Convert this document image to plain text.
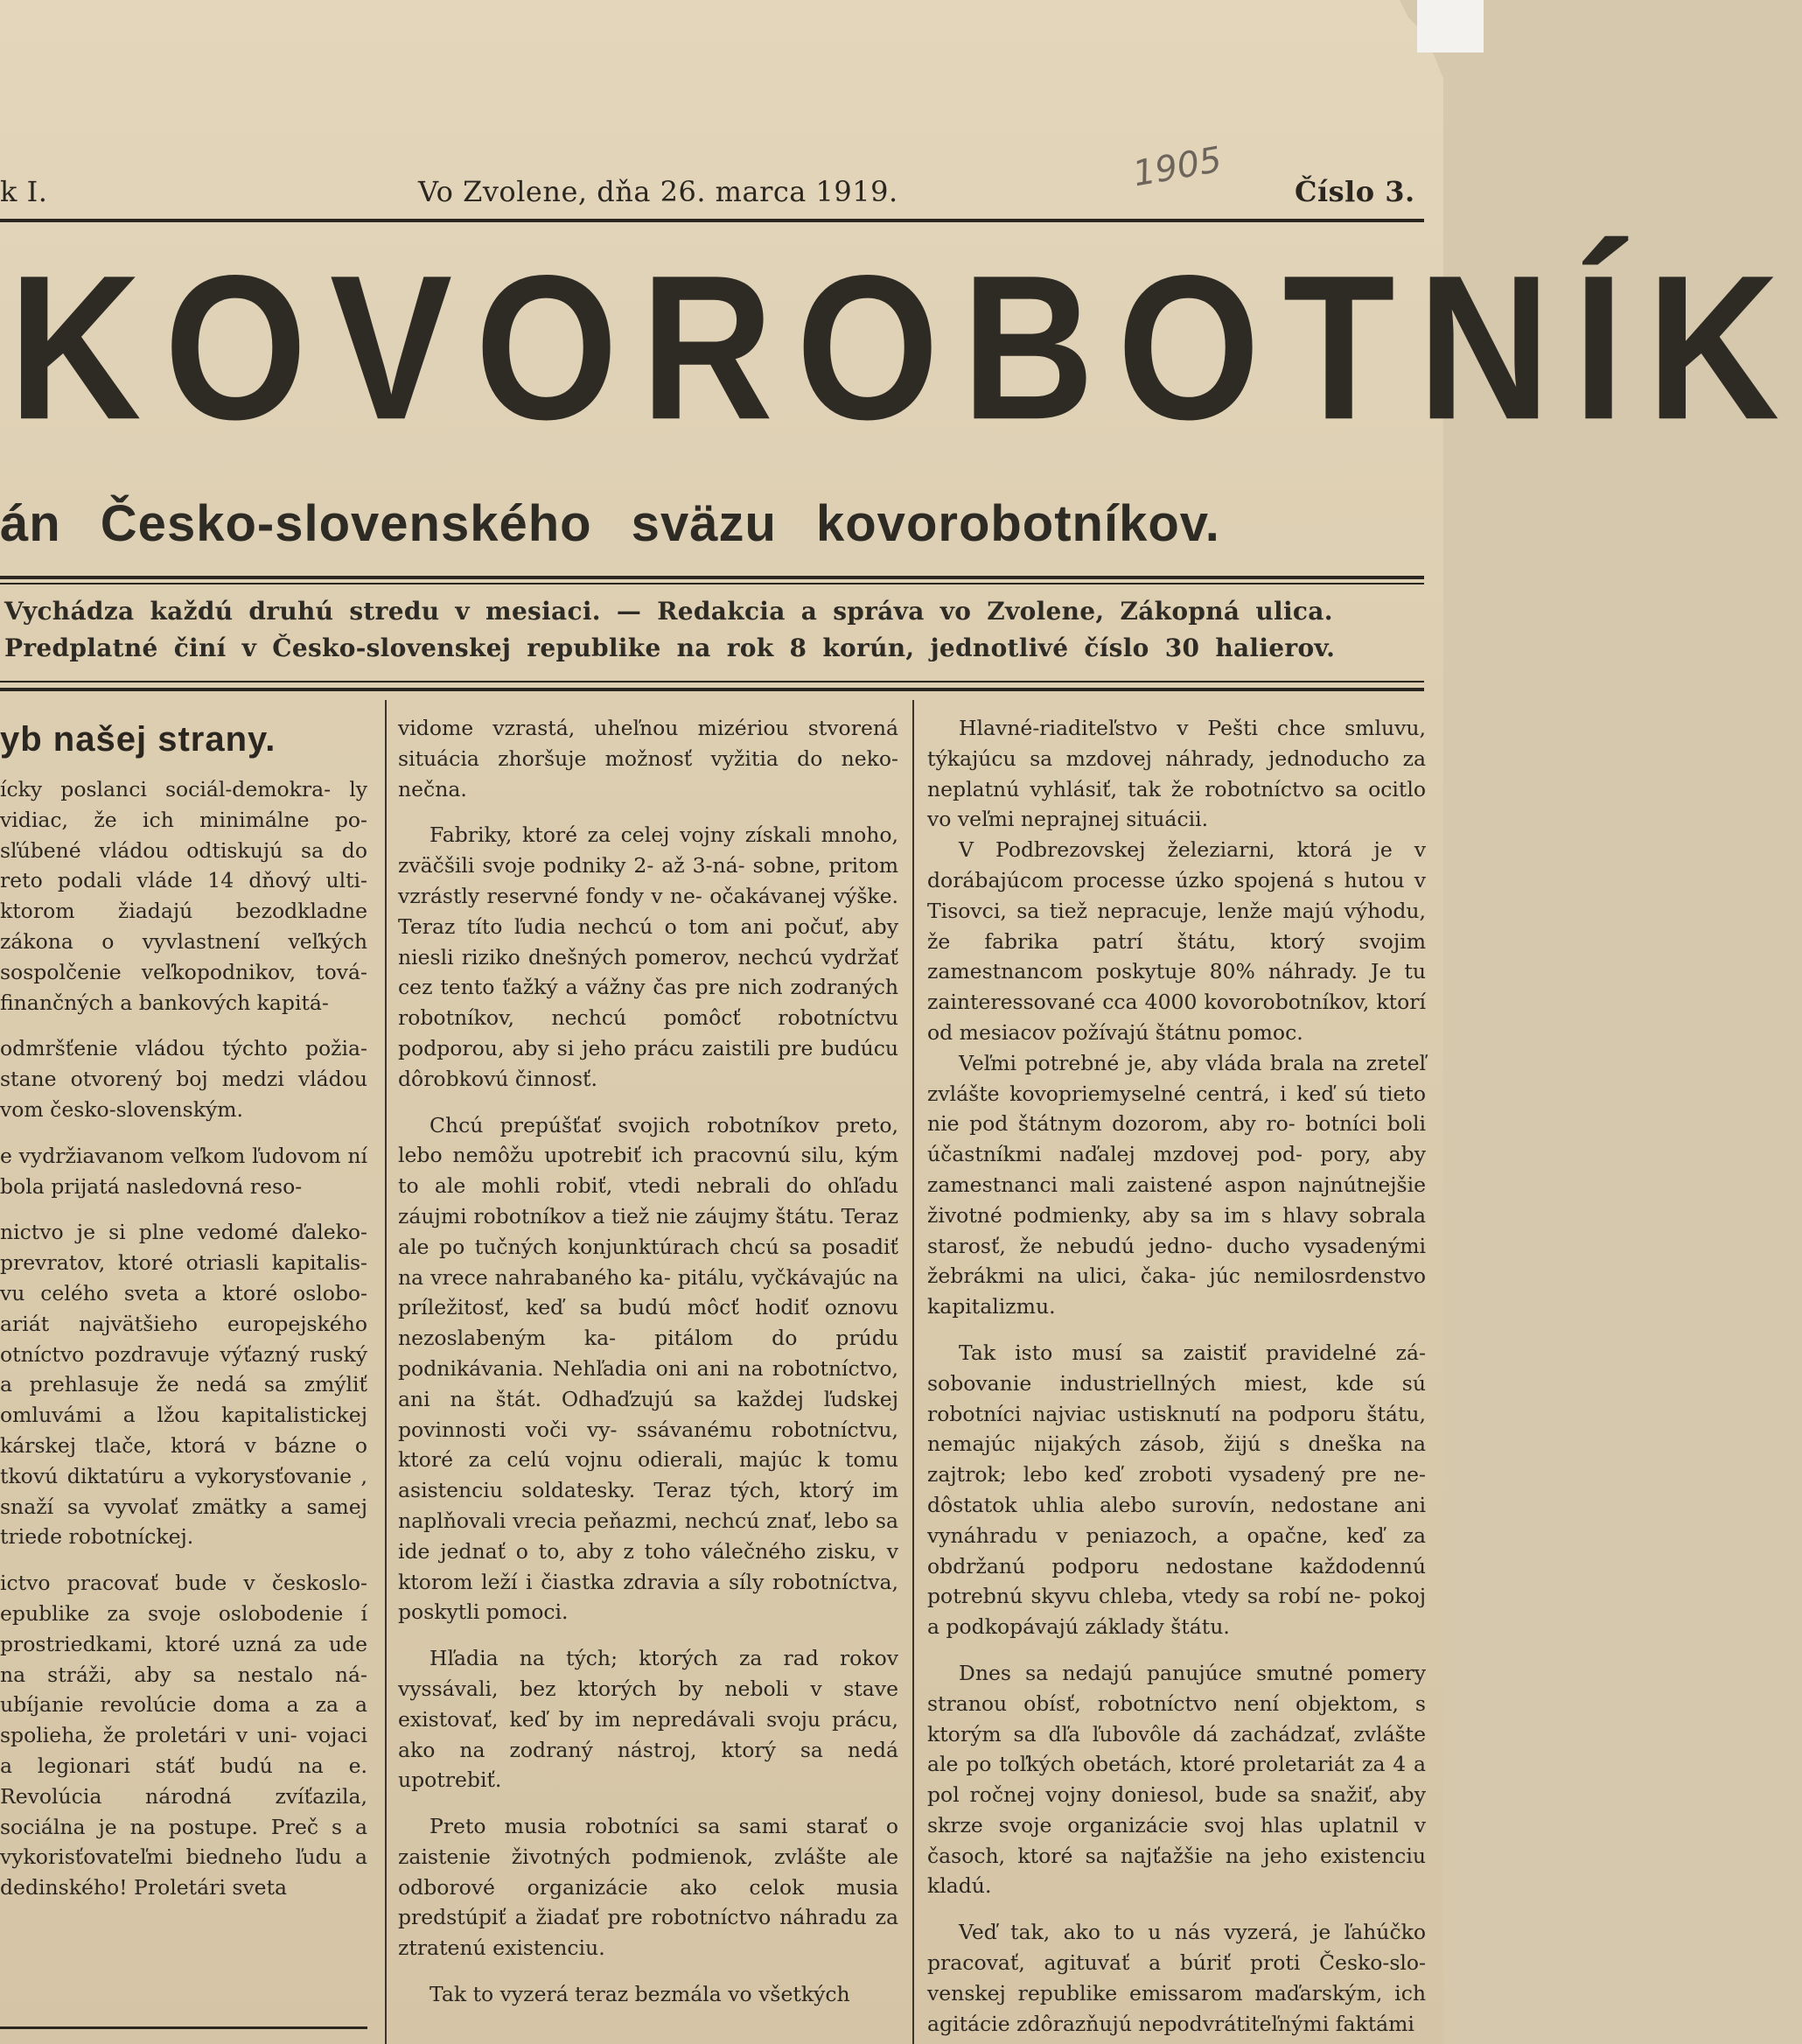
k I.	Vo Zvolene, dňa 26. marca 1919.	Číslo 3.
1905
KOVOROBOTNÍK
án Česko-slovenského sväzu kovorobotníkov.
Vychádza každú druhú stredu v mesiaci. — Redakcia a správa vo Zvolene, Zákopná ulica.
Predplatné činí v Česko-slovenskej republike na rok 8 korún, jednotlivé číslo 30 halierov.
yb našej strany.

ícky poslanci sociál-demokra- ly vidiac, že ich minimálne po- sľúbené vládou odtiskujú sa do reto podali vláde 14 dňový ulti- ktorom žiadajú bezodkladne zákona o vyvlastnení veľkých sospolčenie veľkopodnikov, tová- finančných a bankových kapitá-

odmršťenie vládou týchto požia- stane otvorený boj medzi vládou vom česko-slovenským.

e vydržiavanom veľkom ľudovom ní bola prijatá nasledovná reso-

nictvo je si plne vedomé ďaleko- prevratov, ktoré otriasli kapitalis- vu celého sveta a ktoré oslobo- ariát najvätšieho europejského otníctvo pozdravuje výťazný ruský a prehlasuje že nedá sa zmýliť omluvámi a lžou kapitalistickej kárskej tlače, ktorá v bázne o tkovú diktatúru a vykorysťovanie , snaží sa vyvolať zmätky a samej triede robotníckej.

ictvo pracovať bude v českoslo- epublike za svoje oslobodenie í prostriedkami, ktoré uzná za ude na stráži, aby sa nestalo ná- ubíjanie revolúcie doma a za a spolieha, že proletári v uni- vojaci a legionari stáť budú na e. Revolúcia národná zvíťazila, sociálna je na postupe. Preč s a vykorisťovateľmi biedneho ľudu a dedinského! Proletári sveta

vidome vzrastá, uheľnou mizériou stvorená situácia zhoršuje možnosť vyžitia do neko- nečna.

Fabriky, ktoré za celej vojny získali mnoho, zväčšili svoje podniky 2- až 3-ná- sobne, pritom vzrástly reservné fondy v ne- očakávanej výške. Teraz títo ľudia nechcú o tom ani počuť, aby niesli riziko dnešných pomerov, nechcú vydržať cez tento ťažký a vážny čas pre nich zodraných robotníkov, nechcú pomôcť robotníctvu podporou, aby si jeho prácu zaistili pre budúcu dôrobkovú činnosť.

Chcú prepúšťať svojich robotníkov preto, lebo nemôžu upotrebiť ich pracovnú silu, kým to ale mohli robiť, vtedi nebrali do ohľadu záujmi robotníkov a tiež nie záujmy štátu. Teraz ale po tučných konjunktúrach chcú sa posadiť na vrece nahrabaného ka- pitálu, vyčkávajúc na príležitosť, keď sa budú môcť hodiť oznovu nezoslabeným ka- pitálom do prúdu podnikávania. Nehľadia oni ani na robotníctvo, ani na štát. Odhaďzujú sa každej ľudskej povinnosti voči vy- ssávanému robotníctvu, ktoré za celú vojnu odierali, majúc k tomu asistenciu soldatesky. Teraz tých, ktorý im naplňovali vrecia peňazmi, nechcú znať, lebo sa ide jednať o to, aby z toho válečného zisku, v ktorom leží i čiastka zdravia a síly robotníctva, poskytli pomoci.

Hľadia na tých; ktorých za rad rokov vyssávali, bez ktorých by neboli v stave existovať, keď by im nepredávali svoju prácu, ako na zodraný nástroj, ktorý sa nedá upotrebiť.

Preto musia robotníci sa sami starať o zaistenie životných podmienok, zvlášte ale odborové organizácie ako celok musia predstúpiť a žiadať pre robotníctvo náhradu za ztratenú existenciu.

Tak to vyzerá teraz bezmála vo všetkých

Hlavné-riaditeľstvo v Pešti chce smluvu, týkajúcu sa mzdovej náhrady, jednoducho za neplatnú vyhlásiť, tak že robotníctvo sa ocitlo vo veľmi neprajnej situácii.

V Podbrezovskej železiarni, ktorá je v dorábajúcom processe úzko spojená s hutou v Tisovci, sa tiež nepracuje, lenže majú výhodu, že fabrika patrí štátu, ktorý svojim zamestnancom poskytuje 80% náhrady. Je tu zainteressované cca 4000 kovorobotníkov, ktorí od mesiacov požívajú štátnu pomoc.

Veľmi potrebné je, aby vláda brala na zreteľ zvlášte kovopriemyselné centrá, i keď sú tieto nie pod štátnym dozorom, aby ro- botníci boli účastníkmi naďalej mzdovej pod- pory, aby zamestnanci mali zaistené aspon najnútnejšie životné podmienky, aby sa im s hlavy sobrala starosť, že nebudú jedno- ducho vysadenými žebrákmi na ulici, čaka- júc nemilosrdenstvo kapitalizmu.

Tak isto musí sa zaistiť pravidelné zá- sobovanie industriellných miest, kde sú robotníci najviac ustisknutí na podporu štátu, nemajúc nijakých zásob, žijú s dneška na zajtrok; lebo keď zroboti vysadený pre ne- dôstatok uhlia alebo surovín, nedostane ani vynáhradu v peniazoch, a opačne, keď za obdržanú podporu nedostane každodennú potrebnú skyvu chleba, vtedy sa robí ne- pokoj a podkopávajú základy štátu.

Dnes sa nedajú panujúce smutné pomery stranou obísť, robotníctvo není objektom, s ktorým sa dľa ľubovôle dá zachádzať, zvlášte ale po toľkých obetách, ktoré proletariát za 4 a pol ročnej vojny doniesol, bude sa snažiť, aby skrze svoje organizácie svoj hlas uplatnil v časoch, ktoré sa najťažšie na jeho existenciu kladú.

Veď tak, ako to u nás vyzerá, je ľahúčko pracovať, agituvať a búriť proti Česko-slo- venskej republike emissarom maďarským, ich agitácie zdôrazňujú nepodvrátiteľnými faktámi
